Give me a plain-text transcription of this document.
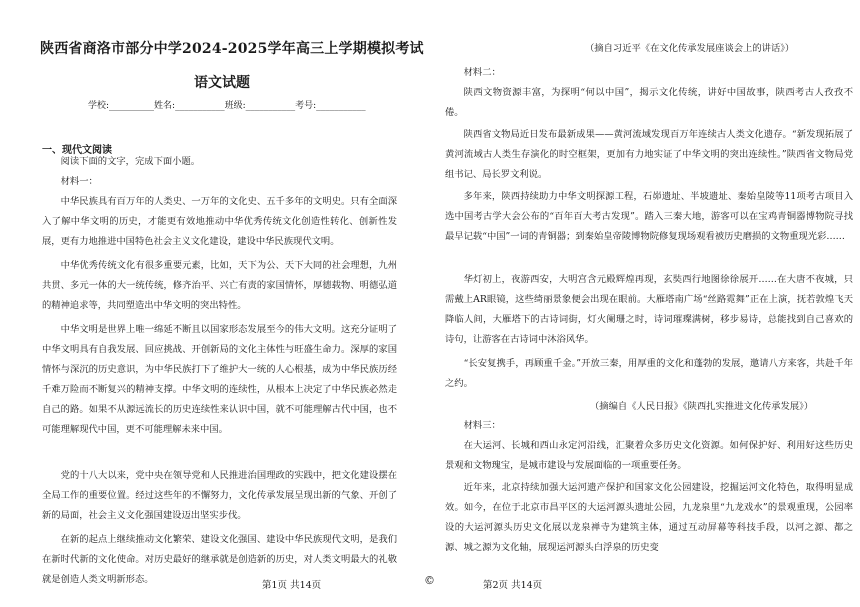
陕西省商洛市部分中学2024-2025学年高三上学期模拟考试
语文试题
学校:__________姓名:___________班级:___________考号:___________
一、现代文阅读
阅读下面的文字，完成下面小题。
材料一：
中华民族具有百万年的人类史、一万年的文化史、五千多年的文明史。只有全面深入了解中华文明的历史，才能更有效地推动中华优秀传统文化创造性转化、创新性发展，更有力地推进中国特色社会主义文化建设，建设中华民族现代文明。
中华优秀传统文化有很多重要元素，比如，天下为公、天下大同的社会理想，九州共贯、多元一体的大一统传统，修齐治平、兴亡有责的家国情怀，厚德载物、明德弘道的精神追求等，共同塑造出中华文明的突出特性。
中华文明是世界上唯一绵延不断且以国家形态发展至今的伟大文明。这充分证明了中华文明具有自我发展、回应挑战、开创新局的文化主体性与旺盛生命力。深厚的家国情怀与深沉的历史意识，为中华民族打下了维护大一统的人心根基，成为中华民族历经千难万险而不断复兴的精神支撑。中华文明的连续性，从根本上决定了中华民族必然走自己的路。如果不从源远流长的历史连续性来认识中国，就不可能理解古代中国，也不可能理解现代中国，更不可能理解未来中国。
党的十八大以来，党中央在领导党和人民推进治国理政的实践中，把文化建设摆在全局工作的重要位置。经过这些年的不懈努力，文化传承发展呈现出新的气象、开创了新的局面，社会主义文化强国建设迈出坚实步伐。
在新的起点上继续推动文化繁荣、建设文化强国、建设中华民族现代文明，是我们在新时代新的文化使命。对历史最好的继承就是创造新的历史，对人类文明最大的礼敬就是创造人类文明新形态。
第1页 共14页	©
（摘自习近平《在文化传承发展座谈会上的讲话》）
材料二：
陕西文物资源丰富，为探明“何以中国”，揭示文化传统，讲好中国故事，陕西考古人孜孜不倦。
陕西省文物局近日发布最新成果——黄河流域发现百万年连续古人类文化遗存。“新发现拓展了黄河流域古人类生存演化的时空框架，更加有力地实证了中华文明的突出连续性。”陕西省文物局党组书记、局长罗文利说。
多年来，陕西持续助力中华文明探源工程，石峁遗址、半坡遗址、秦始皇陵等11项考古项目入选中国考古学大会公布的“百年百大考古发现”。踏入三秦大地，游客可以在宝鸡青铜器博物院寻找最早记载“中国”一词的青铜器；到秦始皇帝陵博物院修复现场观看被历史磨损的文物重现光彩……
华灯初上，夜游西安，大明宫含元殿辉煌再现，玄奘西行地图徐徐展开……在大唐不夜城，只需戴上AR眼镜，这些绮丽景象便会出现在眼前。大雁塔南广场“丝路霓舞”正在上演，抚若敦煌飞天降临人间，大雁塔下的古诗词街，灯火阑珊之时，诗词璀璨满树，移步易诗，总能找到自己喜欢的诗句，让游客在古诗词中沐浴风华。
“长安复携手，再顾重千金。”开放三秦，用厚重的文化和蓬勃的发展，邀请八方来客，共赴千年之约。
（摘编自《人民日报》《陕西扎实推进文化传承发展》）
材料三：
在大运河、长城和西山永定河沿线，汇聚着众多历史文化资源。如何保护好、利用好这些历史景观和文物瑰宝，是城市建设与发展面临的一项重要任务。
近年来，北京持续加强大运河遗产保护和国家文化公园建设，挖掘运河文化特色，取得明显成效。如今，在位于北京市昌平区的大运河源头遗址公园，九龙泉里“九龙戏水”的景观重现，公园率设的大运河源头历史文化展以龙泉禅寺为建筑主体，通过互动屏幕等科技手段，以河之源、都之源、城之源为文化轴，展现运河源头白浮泉的历史变
第2页 共14页
